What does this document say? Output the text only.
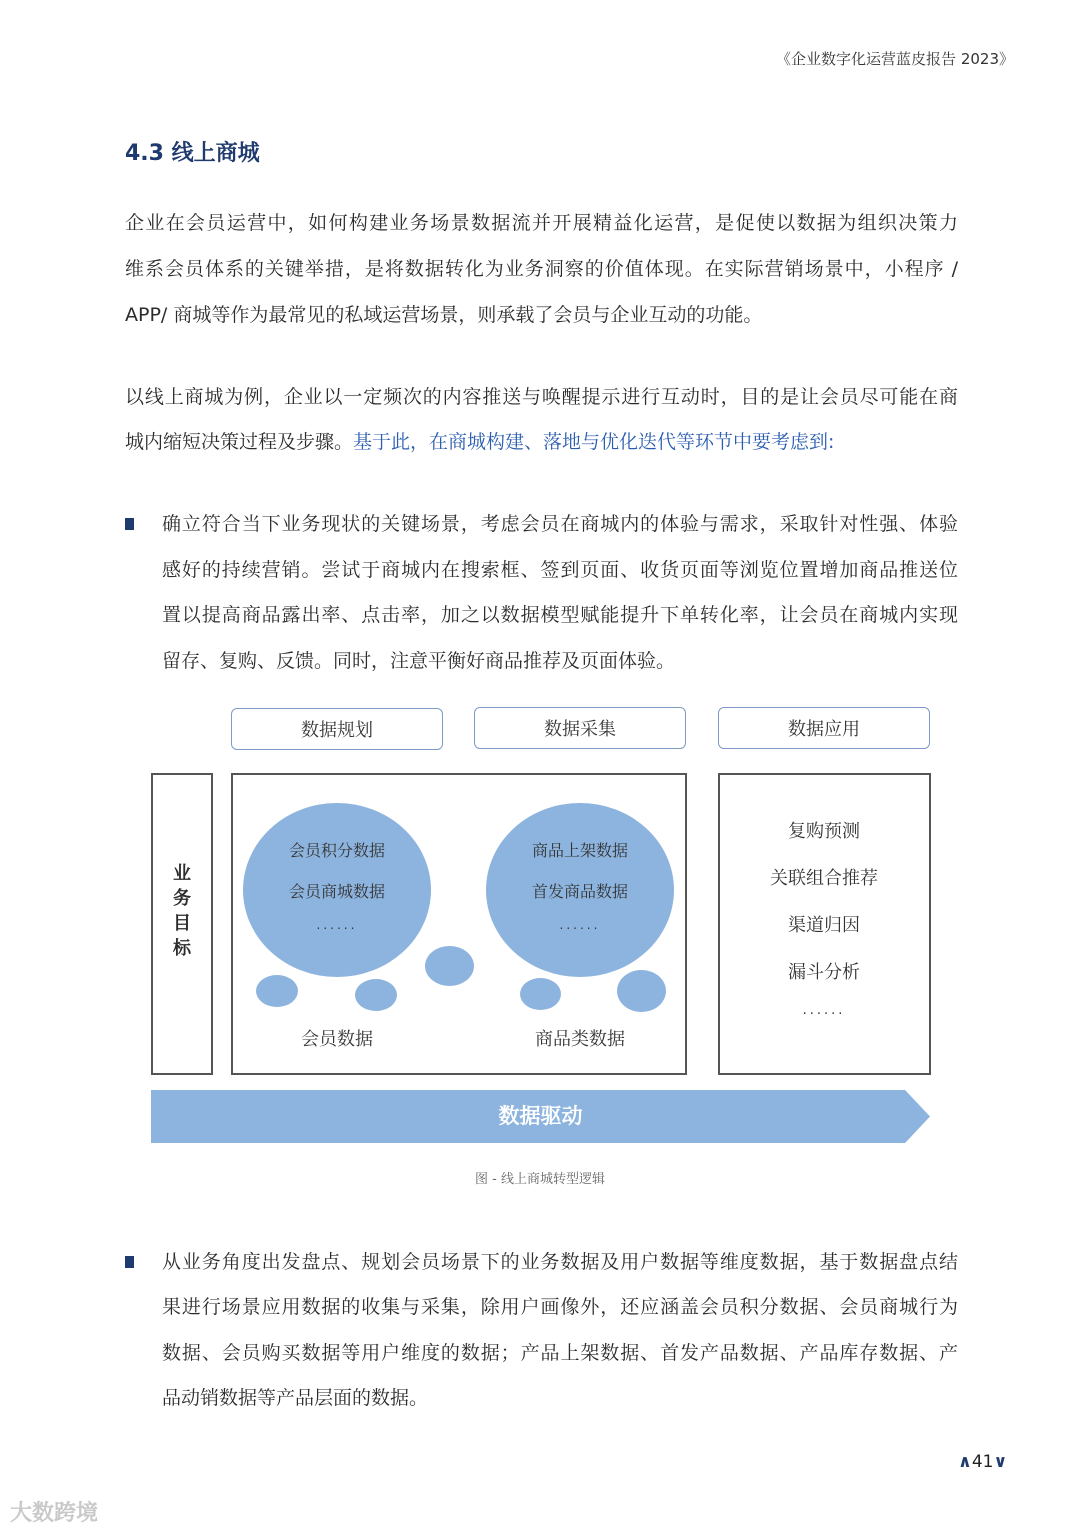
《企业数字化运营蓝皮报告 2023》
4.3 线上商城
企业在会员运营中，如何构建业务场景数据流并开展精益化运营，是促使以数据为组织决策力
维系会员体系的关键举措，是将数据转化为业务洞察的价值体现。在实际营销场景中，小程序 /
APP/ 商城等作为最常见的私域运营场景，则承载了会员与企业互动的功能。
以线上商城为例，企业以一定频次的内容推送与唤醒提示进行互动时，目的是让会员尽可能在商
城内缩短决策过程及步骤。基于此，在商城构建、落地与优化迭代等环节中要考虑到:
确立符合当下业务现状的关键场景，考虑会员在商城内的体验与需求，采取针对性强、体验
感好的持续营销。尝试于商城内在搜索框、签到页面、收货页面等浏览位置增加商品推送位
置以提高商品露出率、点击率，加之以数据模型赋能提升下单转化率，让会员在商城内实现
留存、复购、反馈。同时，注意平衡好商品推荐及页面体验。
数据规划	数据采集	数据应用
业务目标
会员积分数据
会员商城数据
......
商品上架数据
首发商品数据
......
会员数据	商品类数据
复购预测
关联组合推荐
渠道归因
漏斗分析
......
数据驱动
图 - 线上商城转型逻辑
从业务角度出发盘点、规划会员场景下的业务数据及用户数据等维度数据，基于数据盘点结
果进行场景应用数据的收集与采集，除用户画像外，还应涵盖会员积分数据、会员商城行为
数据、会员购买数据等用户维度的数据；产品上架数据、首发产品数据、产品库存数据、产
品动销数据等产品层面的数据。
∧41∨
大数跨境
